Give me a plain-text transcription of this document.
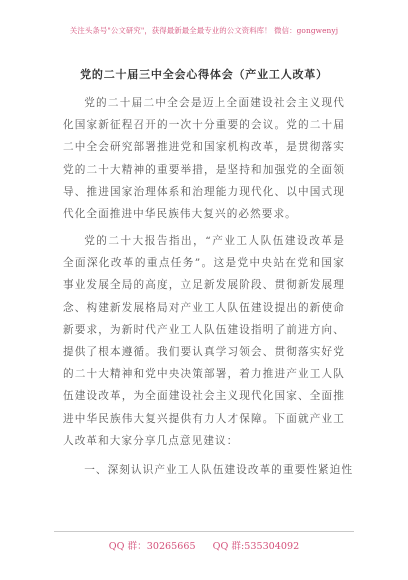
关注头条号"公文研究"，获得最新最全最专业的公文资料库！ 微信：gongwenyj
党的二十届三中全会心得体会（产业工人改革）

党的二十届二中全会是迈上全面建设社会主义现代化国家新征程召开的一次十分重要的会议。党的二十届二中全会研究部署推进党和国家机构改革，是贯彻落实党的二十大精神的重要举措，是坚持和加强党的全面领导、推进国家治理体系和治理能力现代化、以中国式现代化全面推进中华民族伟大复兴的必然要求。

党的二十大报告指出，“产业工人队伍建设改革是全面深化改革的重点任务”。这是党中央站在党和国家事业发展全局的高度，立足新发展阶段、贯彻新发展理念、构建新发展格局对产业工人队伍建设提出的新使命新要求，为新时代产业工人队伍建设指明了前进方向、提供了根本遵循。我们要认真学习领会、贯彻落实好党的二十大精神和党中央决策部署，着力推进产业工人队伍建设改革，为全面建设社会主义现代化国家、全面推进中华民族伟大复兴提供有力人才保障。下面就产业工人改革和大家分享几点意见建议：

一、深刻认识产业工人队伍建设改革的重要性紧迫性

QQ 群：30265665 QQ 群:535304092
